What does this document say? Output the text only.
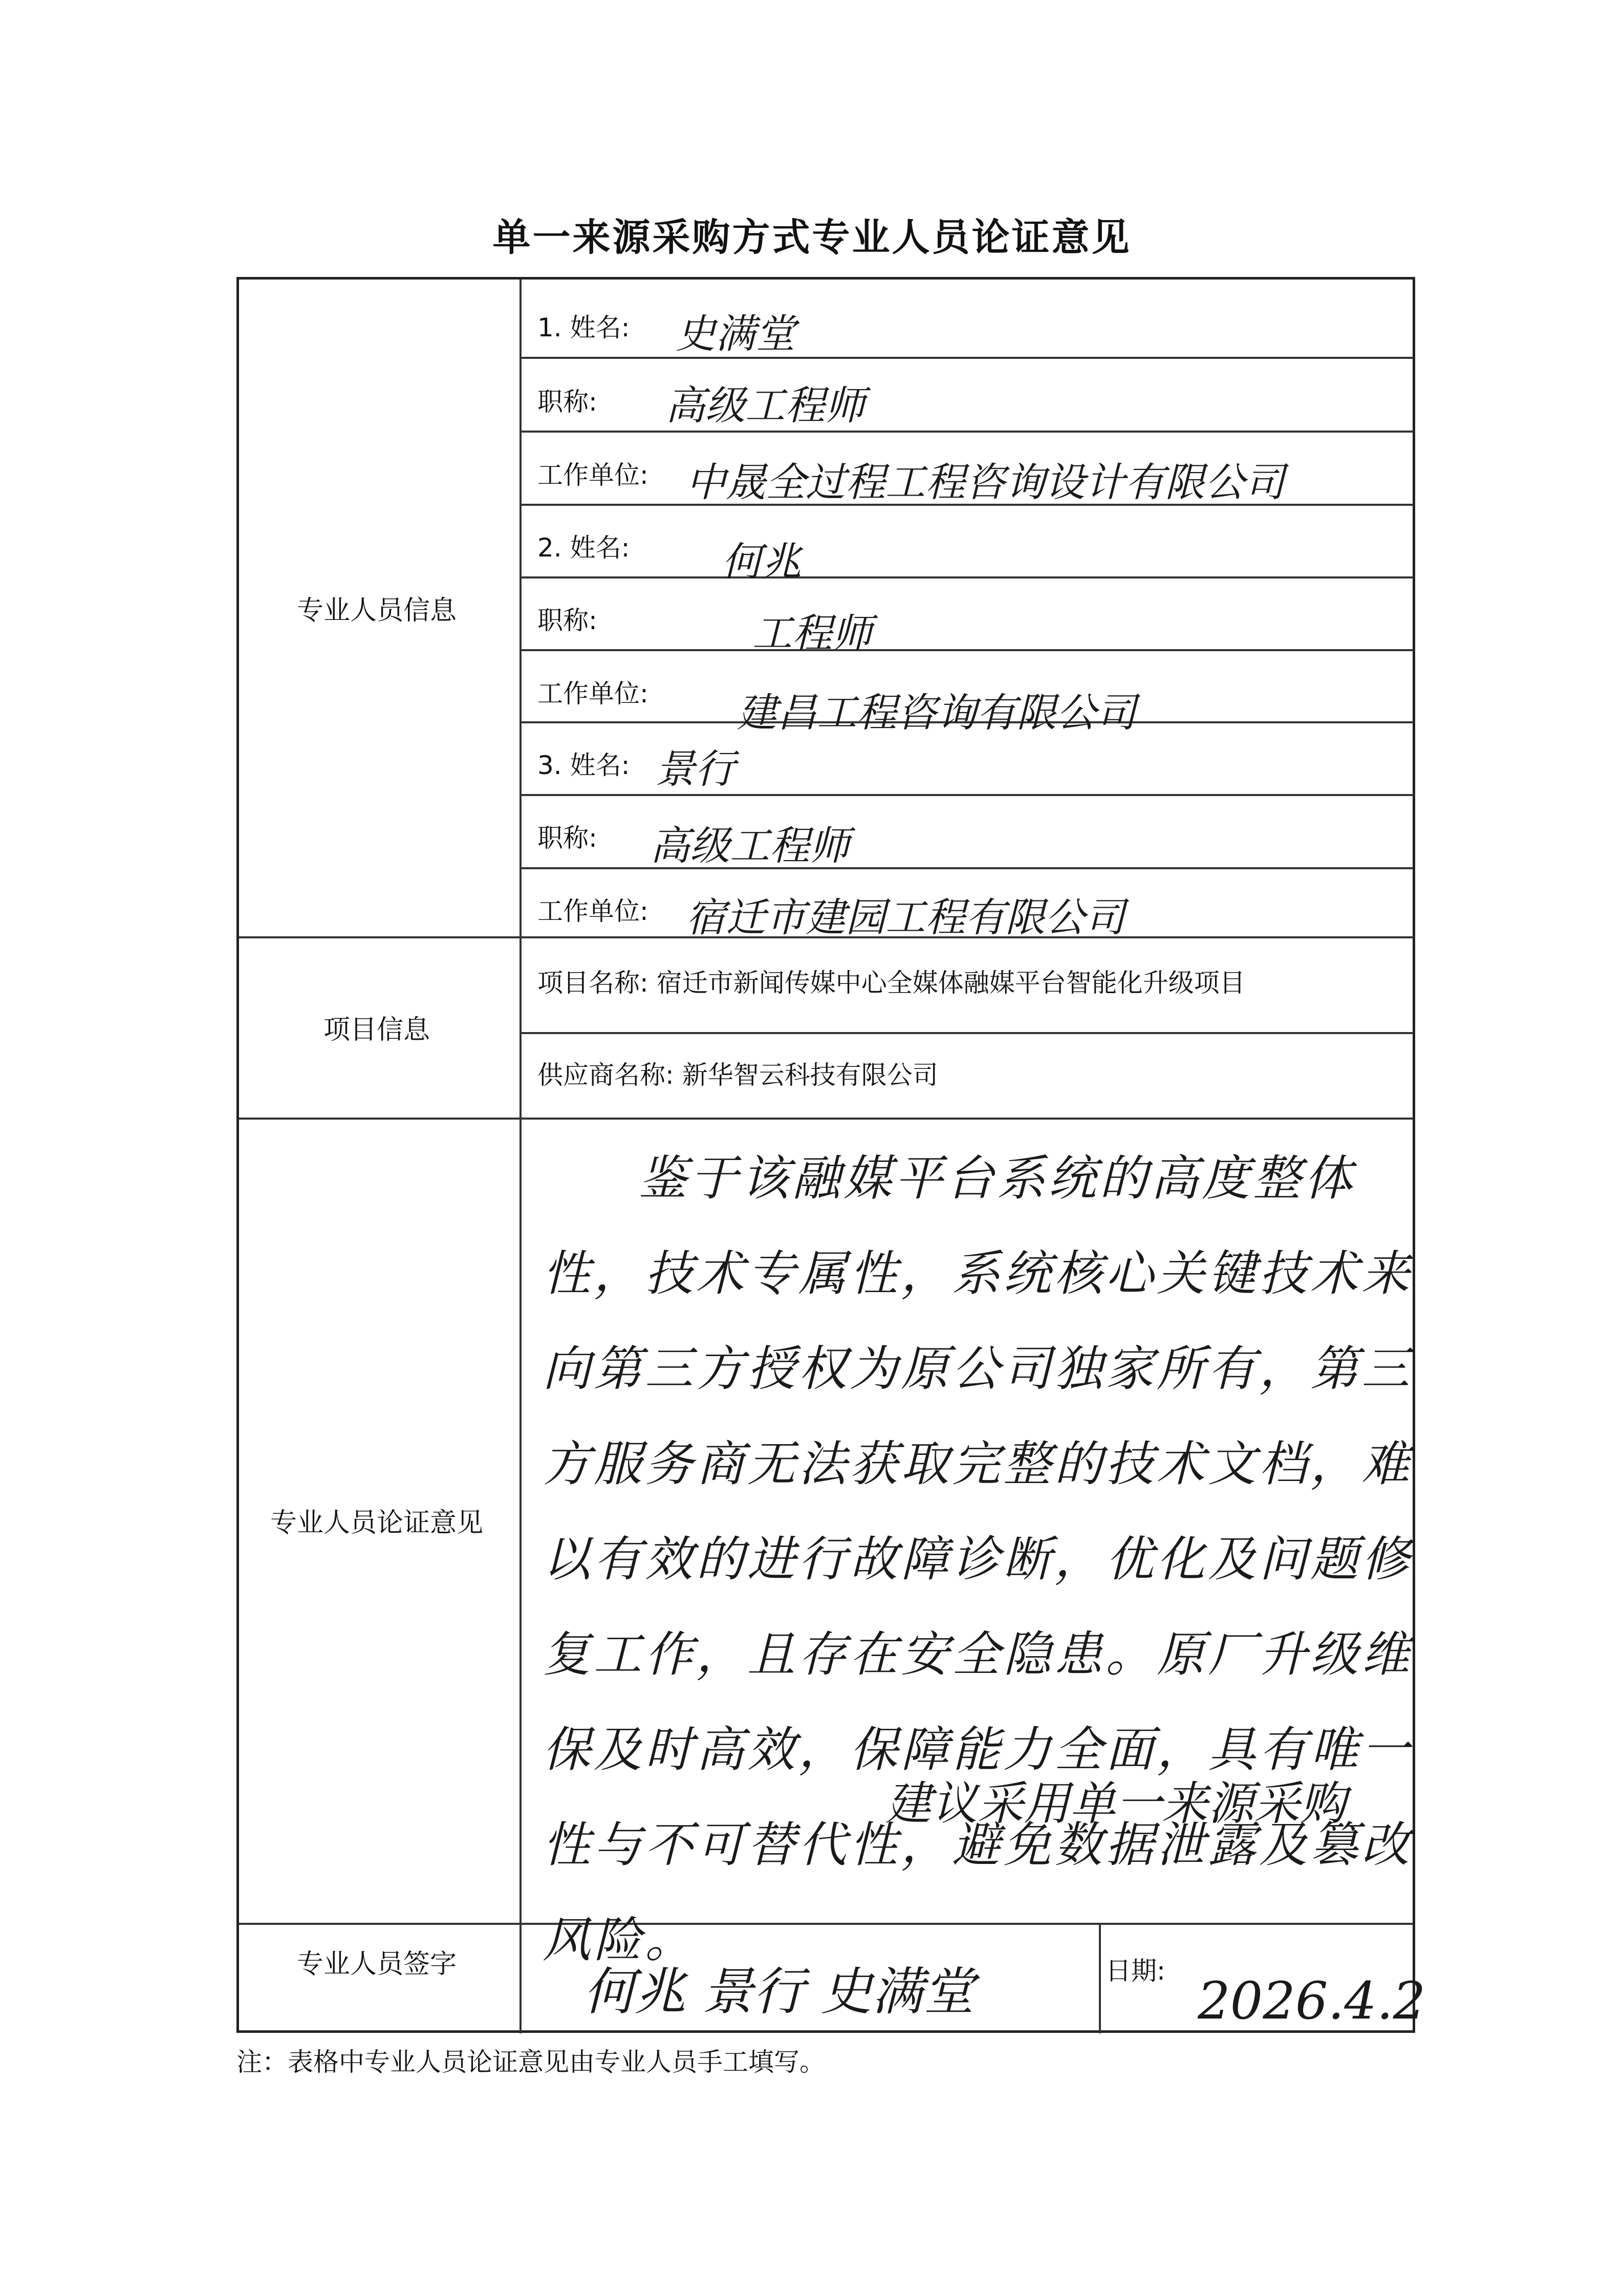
单一来源采购方式专业人员论证意见
专业人员信息
项目信息
专业人员论证意见
专业人员签字
1. 姓名: 史满堂
职称: 高级工程师
工作单位: 中晟全过程工程咨询设计有限公司
2. 姓名: 何兆
职称:	工程师
工作单位: 建昌工程咨询有限公司
3. 姓名: 景行
职称: 高级工程师
工作单位: 宿迁市建园工程有限公司
项目名称: 宿迁市新闻传媒中心全媒体融媒平台智能化升级项目
供应商名称: 新华智云科技有限公司
鉴于该融媒平台系统的高度整体性，技术专属性，系统核心关键技术来向第三方授权为原公司独家所有，第三方服务商无法获取完整的技术文档，难以有效的进行故障诊断，优化及问题修复工作，且存在安全隐患。原厂升级维保及时高效，保障能力全面，具有唯一性与不可替代性，避免数据泄露及篡改风险。
建议采用单一来源采购
何兆 景行 史满堂	日期: 2026.4.2
注：表格中专业人员论证意见由专业人员手工填写。
